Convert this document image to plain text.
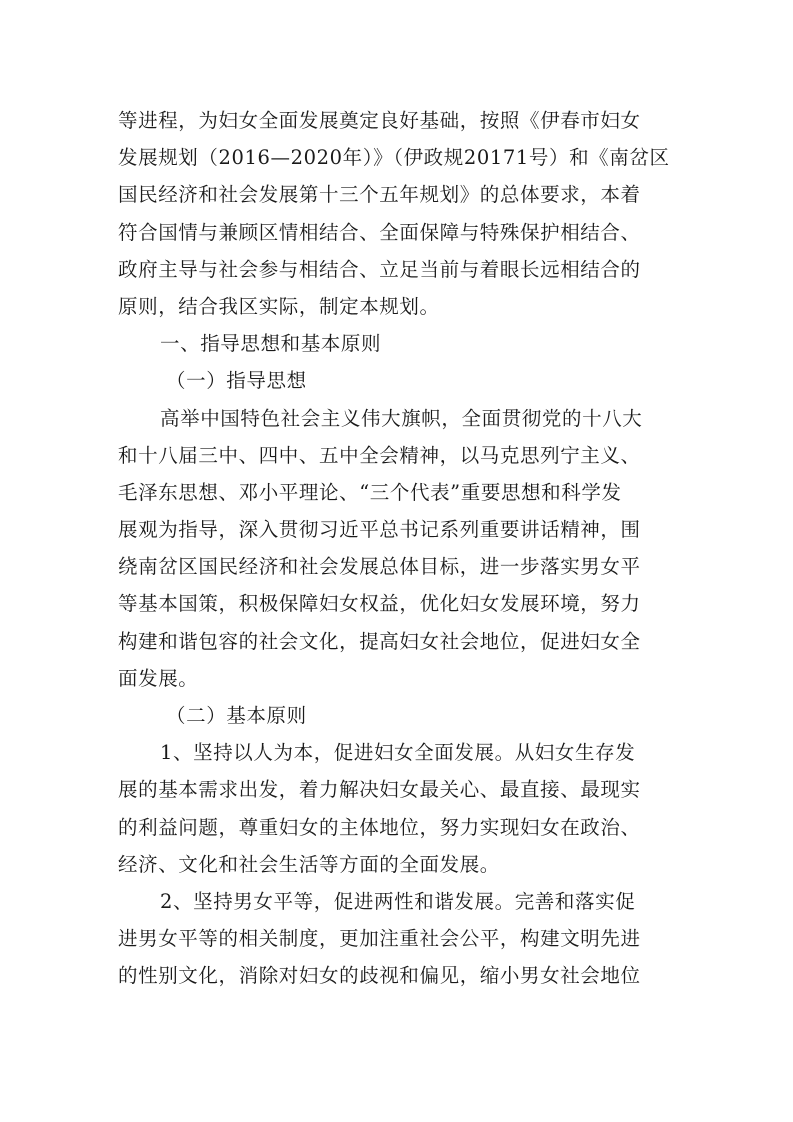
等进程，为妇女全面发展奠定良好基础，按照《伊春市妇女
发展规划（2016—2020年）》（伊政规20171号）和《南岔区
国民经济和社会发展第十三个五年规划》的总体要求，本着
符合国情与兼顾区情相结合、全面保障与特殊保护相结合、
政府主导与社会参与相结合、立足当前与着眼长远相结合的
原则，结合我区实际，制定本规划。
一、指导思想和基本原则
（一）指导思想
高举中国特色社会主义伟大旗帜，全面贯彻党的十八大
和十八届三中、四中、五中全会精神，以马克思列宁主义、
毛泽东思想、邓小平理论、“三个代表”重要思想和科学发
展观为指导，深入贯彻习近平总书记系列重要讲话精神，围
绕南岔区国民经济和社会发展总体目标，进一步落实男女平
等基本国策，积极保障妇女权益，优化妇女发展环境，努力
构建和谐包容的社会文化，提高妇女社会地位，促进妇女全
面发展。
（二）基本原则
1、坚持以人为本，促进妇女全面发展。从妇女生存发
展的基本需求出发，着力解决妇女最关心、最直接、最现实
的利益问题，尊重妇女的主体地位，努力实现妇女在政治、
经济、文化和社会生活等方面的全面发展。
2、坚持男女平等，促进两性和谐发展。完善和落实促
进男女平等的相关制度，更加注重社会公平，构建文明先进
的性别文化，消除对妇女的歧视和偏见，缩小男女社会地位
